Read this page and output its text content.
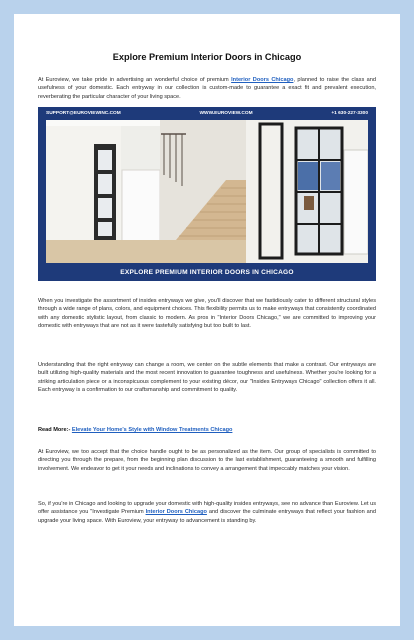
Explore Premium Interior Doors in Chicago

At Euroview, we take pride in advertising an wonderful choice of premium Interior Doors Chicago, planned to raise the class and usefulness of your domestic. Each entryway in our collection is custom-made to guarantee a exact fit and prevalent execution, reverberating the particular character of your living space.

SUPPORT@EUROVIEWINC.COM	WWW.EUROVIEW.COM	+1 630-227-3300
EXPLORE PREMIUM INTERIOR DOORS IN CHICAGO

When you investigate the assortment of insides entryways we give, you'll discover that we fastidiously cater to different structural styles through a wide range of plans, colors, and equipment choices. This flexibility permits us to make entryways that consistently coordinated with any domestic stylistic layout, from classic to modern. As pros in "Interior Doors Chicago," we are committed to improving your domestic with entryways that are not as it were tastefully satisfying but too built to last.

Understanding that the right entryway can change a room, we center on the subtle elements that make a contrast. Our entryways are built utilizing high-quality materials and the most recent innovation to guarantee toughness and usefulness. Whether you're looking for a striking articulation piece or a inconspicuous complement to your existing décor, our "Insides Entryways Chicago" collection offers it all. Each entryway is a confirmation to our craftsmanship and commitment to quality.

Read More:- Elevate Your Home's Style with Window Treatments Chicago

At Euroview, we too accept that the choice handle ought to be as personalized as the item. Our group of specialists is committed to directing you through the prepare, from the beginning plan discussion to the last establishment, guaranteeing a smooth and fulfilling involvement. We endeavor to get it your needs and inclinations to convey a arrangement that impeccably matches your vision.

So, if you're in Chicago and looking to upgrade your domestic with high-quality insides entryways, see no advance than Euroview. Let us offer assistance you "Investigate Premium Interior Doors Chicago and discover the culminate entryways that reflect your fashion and upgrade your living space. With Euroview, your entryway to advancement is standing by.
